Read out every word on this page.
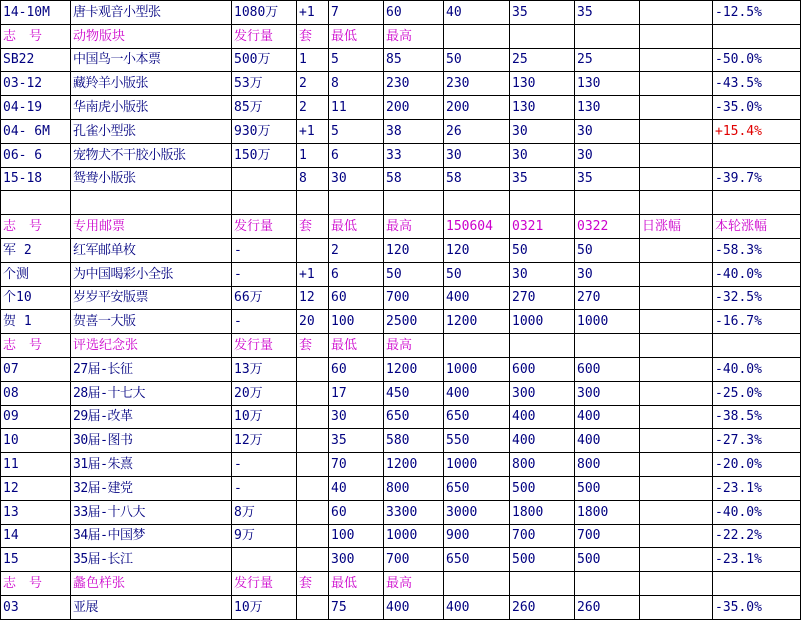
14-10M	唐卡观音小型张	1080万	+1	7	60	40	35	35		-12.5%
志　号	动物版块	发行量	套	最低	最高					
SB22	中国鸟一小本票	500万	1	5	85	50	25	25		-50.0%
03-12	藏羚羊小版张	53万	2	8	230	230	130	130		-43.5%
04-19	华南虎小版张	85万	2	11	200	200	130	130		-35.0%
04- 6M	孔雀小型张	930万	+1	5	38	26	30	30		+15.4%
06- 6	宠物犬不干胶小版张	150万	1	6	33	30	30	30		
15-18	鸳鸯小版张		8	30	58	58	35	35		-39.7%

志　号	专用邮票	发行量	套	最低	最高	150604	0321	0322	日涨幅	本轮涨幅
军 2	红军邮单枚	-		2	120	120	50	50		-58.3%
个测	为中国喝彩小全张	-	+1	6	50	50	30	30		-40.0%
个10	岁岁平安版票	66万	12	60	700	400	270	270		-32.5%
贺 1	贺喜一大版	-	20	100	2500	1200	1000	1000		-16.7%
志　号	评选纪念张	发行量	套	最低	最高					
07	27届-长征	13万		60	1200	1000	600	600		-40.0%
08	28届-十七大	20万		17	450	400	300	300		-25.0%
09	29届-改革	10万		30	650	650	400	400		-38.5%
10	30届-图书	12万		35	580	550	400	400		-27.3%
11	31届-朱熹	-		70	1200	1000	800	800		-20.0%
12	32届-建党	-		40	800	650	500	500		-23.1%
13	33届-十八大	8万		60	3300	3000	1800	1800		-40.0%
14	34届-中国梦	9万		100	1000	900	700	700		-22.2%
15	35届-长江			300	700	650	500	500		-23.1%
志　号	蠡色样张	发行量	套	最低	最高					
03	亚展	10万		75	400	400	260	260		-35.0%
